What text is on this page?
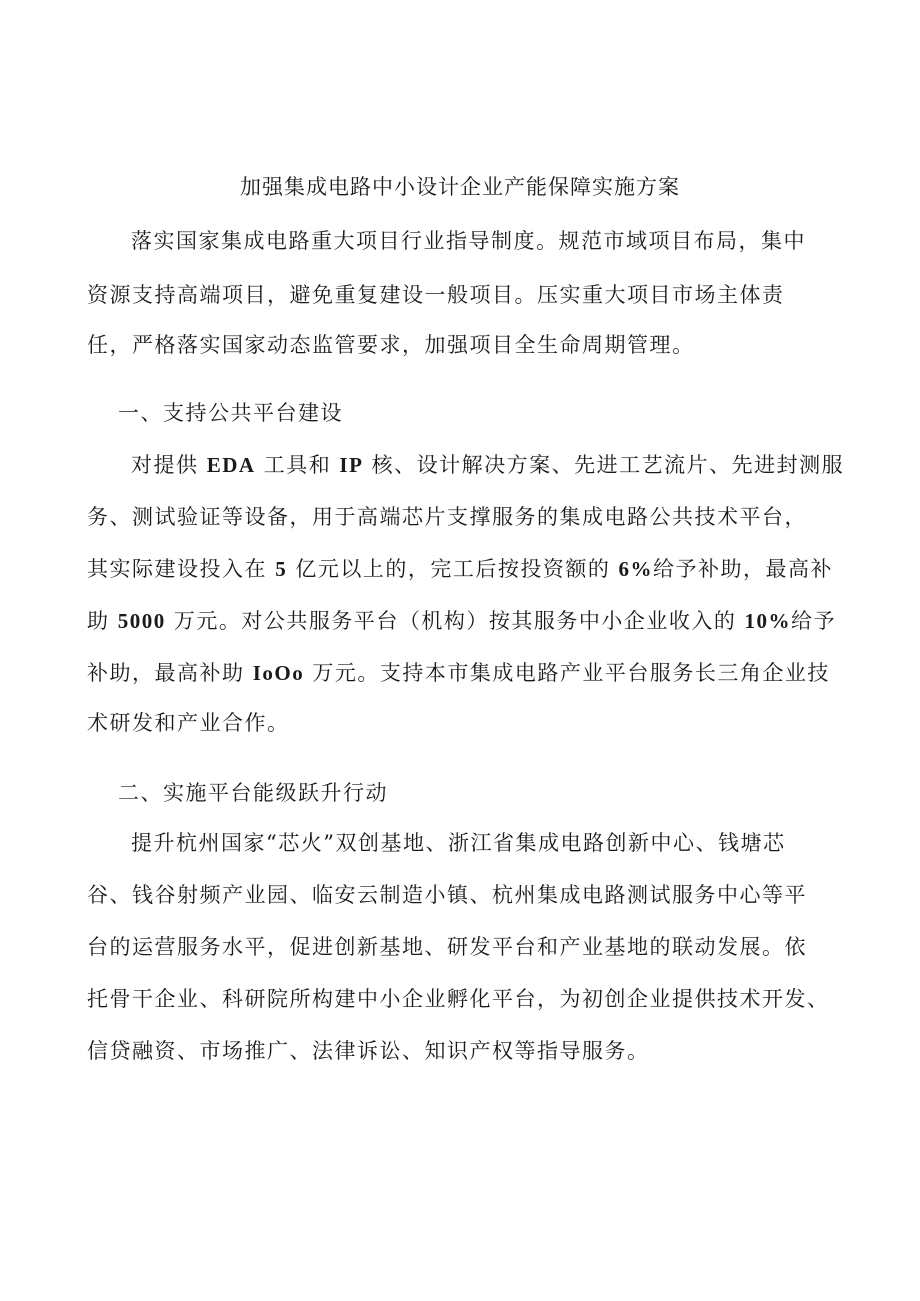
加强集成电路中小设计企业产能保障实施方案
落实国家集成电路重大项目行业指导制度。规范市域项目布局，集中
资源支持高端项目，避免重复建设一般项目。压实重大项目市场主体责
任，严格落实国家动态监管要求，加强项目全生命周期管理。
一、支持公共平台建设
对提供 EDA 工具和 IP 核、设计解决方案、先进工艺流片、先进封测服
务、测试验证等设备，用于高端芯片支撑服务的集成电路公共技术平台，
其实际建设投入在 5 亿元以上的，完工后按投资额的 6%给予补助，最高补
助 5000 万元。对公共服务平台（机构）按其服务中小企业收入的 10%给予
补助，最高补助 IoOo 万元。支持本市集成电路产业平台服务长三角企业技
术研发和产业合作。
二、实施平台能级跃升行动
提升杭州国家“芯火”双创基地、浙江省集成电路创新中心、钱塘芯
谷、钱谷射频产业园、临安云制造小镇、杭州集成电路测试服务中心等平
台的运营服务水平，促进创新基地、研发平台和产业基地的联动发展。依
托骨干企业、科研院所构建中小企业孵化平台，为初创企业提供技术开发、
信贷融资、市场推广、法律诉讼、知识产权等指导服务。
